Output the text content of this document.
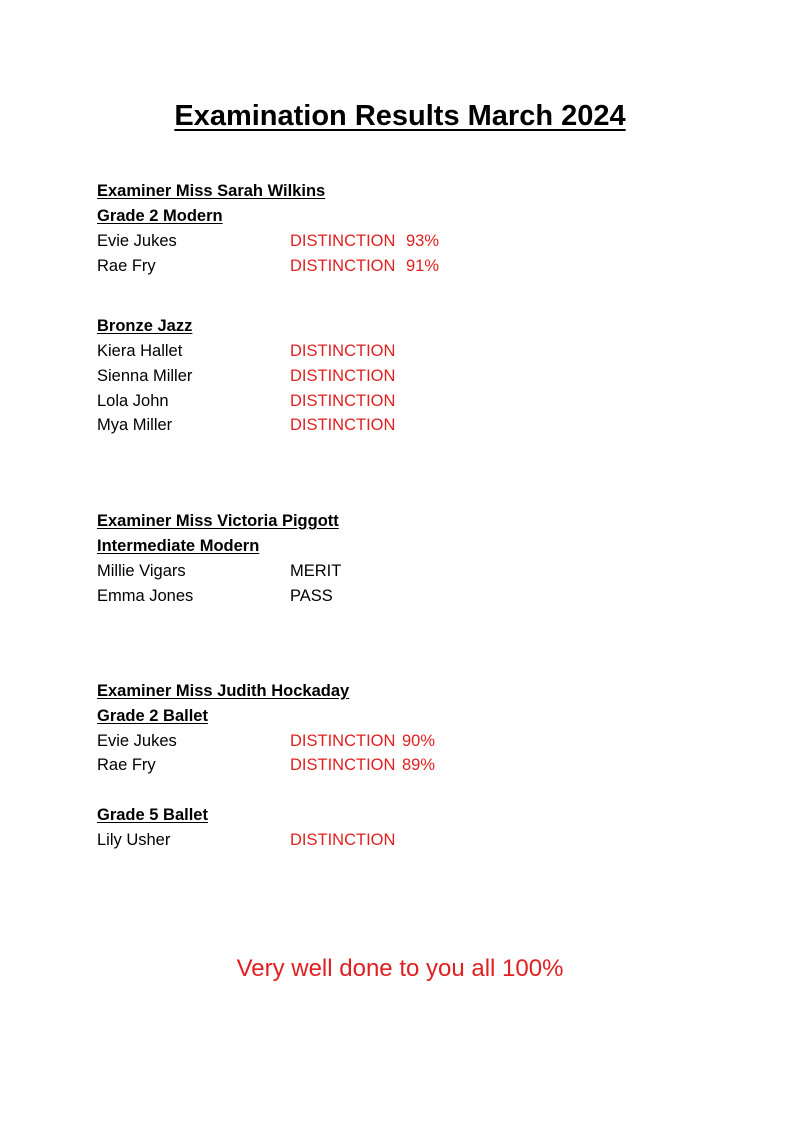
Examination Results March 2024
Examiner Miss Sarah Wilkins
Grade 2 Modern
Evie Jukes	DISTINCTION 93%
Rae Fry	DISTINCTION 91%
Bronze Jazz
Kiera Hallet	DISTINCTION
Sienna Miller	DISTINCTION
Lola John	DISTINCTION
Mya Miller	DISTINCTION
Examiner Miss Victoria Piggott
Intermediate Modern
Millie Vigars	MERIT
Emma Jones	PASS
Examiner Miss Judith Hockaday
Grade 2 Ballet
Evie Jukes	DISTINCTION 90%
Rae Fry	DISTINCTION 89%
Grade 5 Ballet
Lily Usher	DISTINCTION
Very well done to you all 100%
